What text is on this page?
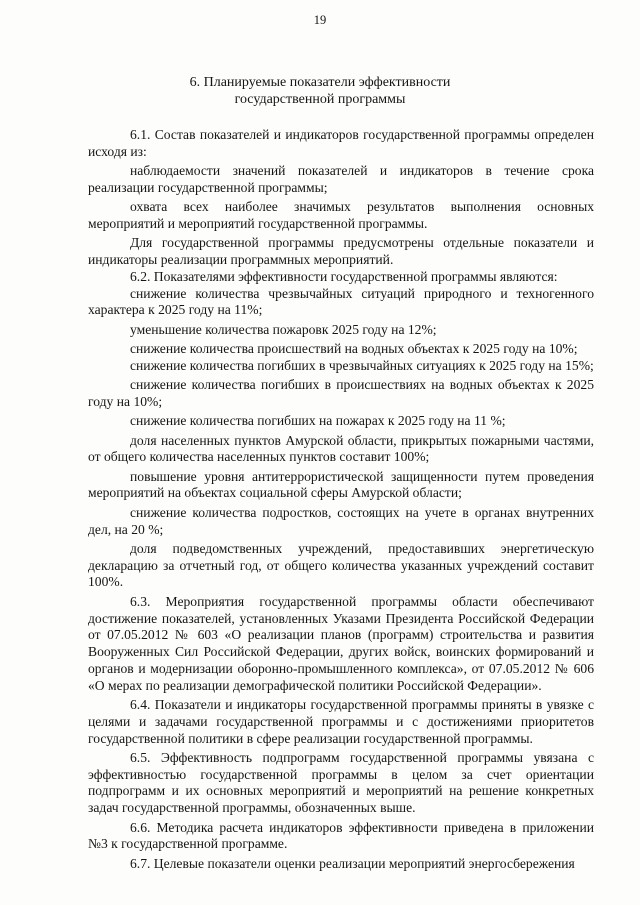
19
6. Планируемые показатели эффективности
государственной программы

6.1. Состав показателей и индикаторов государственной программы определен исходя из:

наблюдаемости значений показателей и индикаторов в течение срока реализации государственной программы;

охвата всех наиболее значимых результатов выполнения основных мероприятий и мероприятий государственной программы.

Для государственной программы предусмотрены отдельные показатели и индикаторы реализации программных мероприятий.

6.2. Показателями эффективности государственной программы являются:

снижение количества чрезвычайных ситуаций природного и техногенного характера к 2025 году на 11%;

уменьшение количества пожаровк 2025 году на 12%;

снижение количества происшествий на водных объектах к 2025 году на 10%;

снижение количества погибших в чрезвычайных ситуациях к 2025 году на 15%;

снижение количества погибших в происшествиях на водных объектах к 2025 году на 10%;

снижение количества погибших на пожарах к 2025 году на 11 %;

доля населенных пунктов Амурской области, прикрытых пожарными частями, от общего количества населенных пунктов составит 100%;

повышение уровня антитеррористической защищенности путем проведения мероприятий на объектах социальной сферы Амурской области;

снижение количества подростков, состоящих на учете в органах внутренних дел, на 20 %;

доля подведомственных учреждений, предоставивших энергетическую декларацию за отчетный год, от общего количества указанных учреждений составит 100%.

6.3. Мероприятия государственной программы области обеспечивают достижение показателей, установленных Указами Президента Российской Федерации от 07.05.2012 № 603 «О реализации планов (программ) строительства и развития Вооруженных Сил Российской Федерации, других войск, воинских формирований и органов и модернизации оборонно-промышленного комплекса», от 07.05.2012 № 606 «О мерах по реализации демографической политики Российской Федерации».

6.4. Показатели и индикаторы государственной программы приняты в увязке с целями и задачами государственной программы и с достижениями приоритетов государственной политики в сфере реализации государственной программы.

6.5. Эффективность подпрограмм государственной программы увязана с эффективностью государственной программы в целом за счет ориентации подпрограмм и их основных мероприятий и мероприятий на решение конкретных задач государственной программы, обозначенных выше.

6.6. Методика расчета индикаторов эффективности приведена в приложении №3 к государственной программе.

6.7. Целевые показатели оценки реализации мероприятий энергосбережения
